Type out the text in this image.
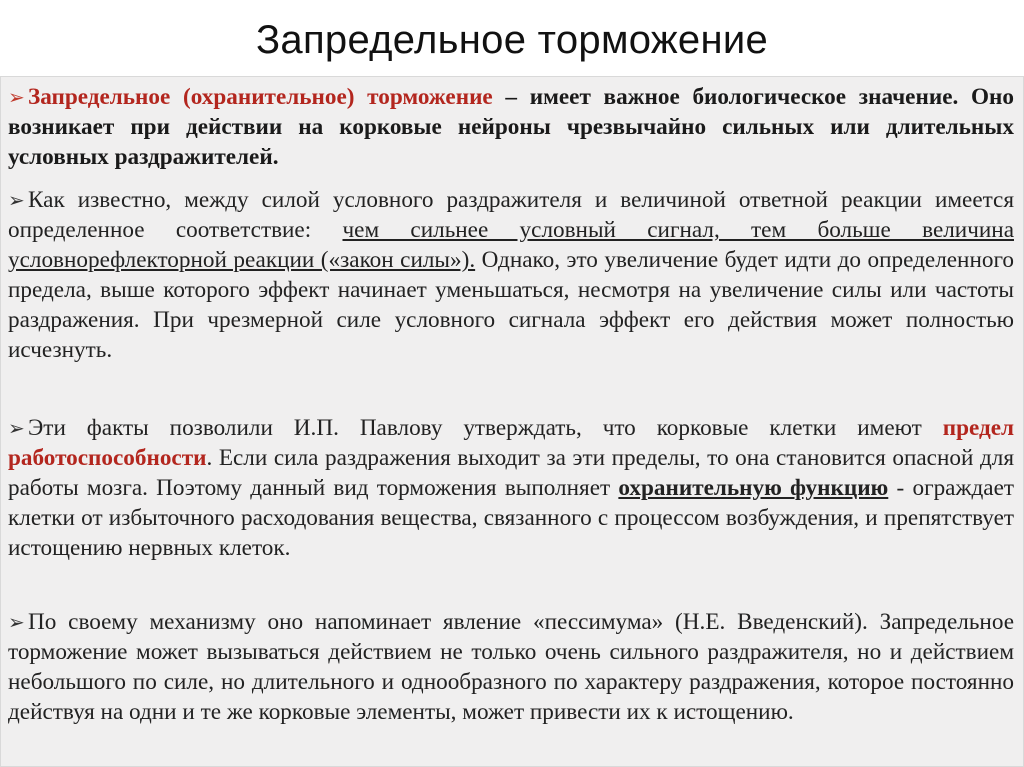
Запредельное торможение

➢ Запредельное (охранительное) торможение – имеет важное биологическое значение. Оно возникает при действии на корковые нейроны чрезвычайно сильных или длительных условных раздражителей.

➢ Как известно, между силой условного раздражителя и величиной ответной реакции имеется определенное соответствие: чем сильнее условный сигнал, тем больше величина условнорефлекторной реакции («закон силы»). Однако, это увеличение будет идти до определенного предела, выше которого эффект начинает уменьшаться, несмотря на увеличение силы или частоты раздражения. При чрезмерной силе условного сигнала эффект его действия может полностью исчезнуть.

➢ Эти факты позволили И.П. Павлову утверждать, что корковые клетки имеют предел работоспособности. Если сила раздражения выходит за эти пределы, то она становится опасной для работы мозга. Поэтому данный вид торможения выполняет охранительную функцию - ограждает клетки от избыточного расходования вещества, связанного с процессом возбуждения, и препятствует истощению нервных клеток.

➢ По своему механизму оно напоминает явление «пессимума» (Н.Е. Введенский). Запредельное торможение может вызываться действием не только очень сильного раздражителя, но и действием небольшого по силе, но длительного и однообразного по характеру раздражения, которое постоянно действуя на одни и те же корковые элементы, может привести их к истощению.
